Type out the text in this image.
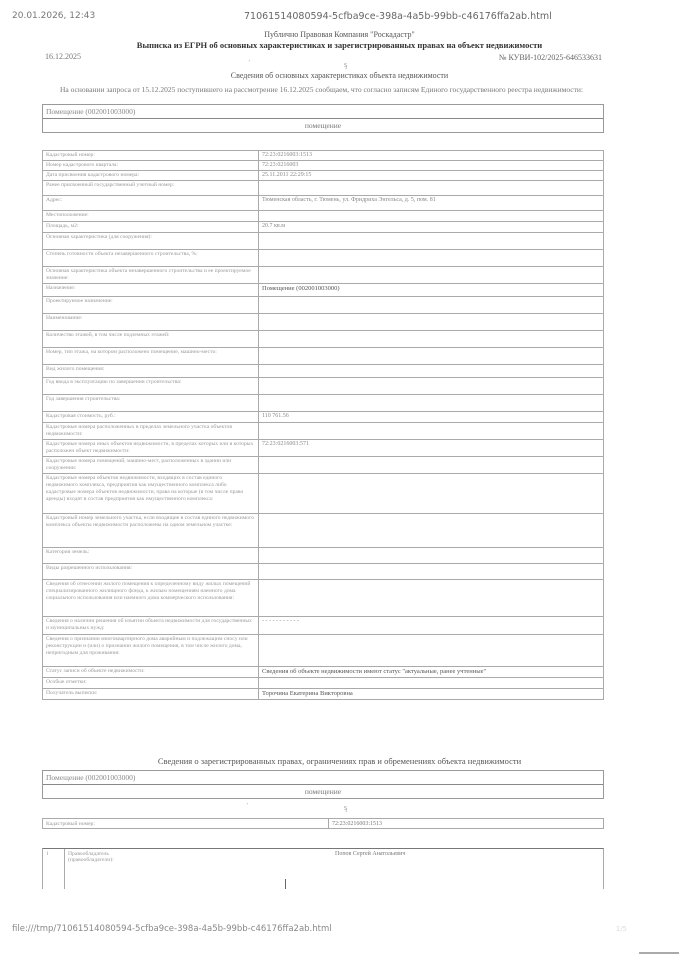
20.01.2026, 12:43	71061514080594-5cfba9ce-398a-4a5b-99bb-c46176ffa2ab.html
Публично Правовая Компания "Роскадастр"
Выписка из ЕГРН об основных характеристиках и зарегистрированных правах на объект недвижимости
16.12.2025	№ КУВИ-102/2025-646533631
ˊ	ᶊ
Сведения об основных характеристиках объекта недвижимости
На основании запроса от 15.12.2025 поступившего на рассмотрение 16.12.2025 сообщаем, что согласно записям Единого государственного реестра недвижимости:
Помещение (002001003000)
помещение
Кадастровый номер:	72:23:0216003:1513
Номер кадастрового квартала:	72:23:0216003
Дата присвоения кадастрового номера:	25.11.2011 22:29:15
Ранее присвоенный государственный учетный номер:	
Адрес:	Тюменская область, г. Тюмень, ул. Фридриха Энгельса, д. 5, пом. 81
Местоположение:	
Площадь, м2:	20.7 кв.м
Основная характеристика (для сооружения):	
Степень готовности объекта незавершенного строительства, %:	
Основная характеристика объекта незавершенного строительства и ее проектируемое значение:	
Назначение:	Помещение (002001003000)
Проектируемое назначение:	
Наименование:	
Количество этажей, в том числе подземных этажей:	
Номер, тип этажа, на котором расположено помещение, машино-место:	
Вид жилого помещения:	
Год ввода в эксплуатацию по завершении строительства:	
Год завершения строительства:	
Кадастровая стоимость, руб.:	110 761.56
Кадастровые номера расположенных в пределах земельного участка объектов недвижимости:	
Кадастровые номера иных объектов недвижимости, в пределах которых или в которых расположен объект недвижимости:	72:23:0216003:571
Кадастровые номера помещений, машино-мест, расположенных в здании или сооружении:	
Кадастровые номера объектов недвижимости, входящих в состав единого недвижимого комплекса, предприятия как имущественного комплекса либо кадастровые номера объектов недвижимости, права на которые (в том числе право аренды) входят в состав предприятия как имущественного комплекса:	
Кадастровый номер земельного участка, если входящие в состав единого недвижимого комплекса объекты недвижимости расположены на одном земельном участке:	
Категория земель:	
Виды разрешенного использования:	
Сведения об отнесении жилого помещения к определенному виду жилых помещений специализированного жилищного фонда, к жилым помещениям наемного дома социального использования или наемного дома коммерческого использования:	
Сведения о наличии решения об изъятии объекта недвижимости для государственных и муниципальных нужд:	- - - - - - - - - - -
Сведения о признании многоквартирного дома аварийным и подлежащим сносу или реконструкции и (или) о признании жилого помещения, в том числе жилого дома, непригодным для проживания:	
Статус записи об объекте недвижимости:	Сведения об объекте недвижимости имеют статус "актуальные, ранее учтенные"
Особые отметки:	
Получатель выписки:	Торочина Екатерина Викторовна
Сведения о зарегистрированных правах, ограничениях прав и обременениях объекта недвижимости
Помещение (002001003000)
помещение
ˊ	ᶊ
Кадастровый номер:	72:23:0216003:1513
1	Правообладатель (правообладатели):
Попов Сергей Анатольевич
file:///tmp/71061514080594-5cfba9ce-398a-4a5b-99bb-c46176ffa2ab.html	1/5
